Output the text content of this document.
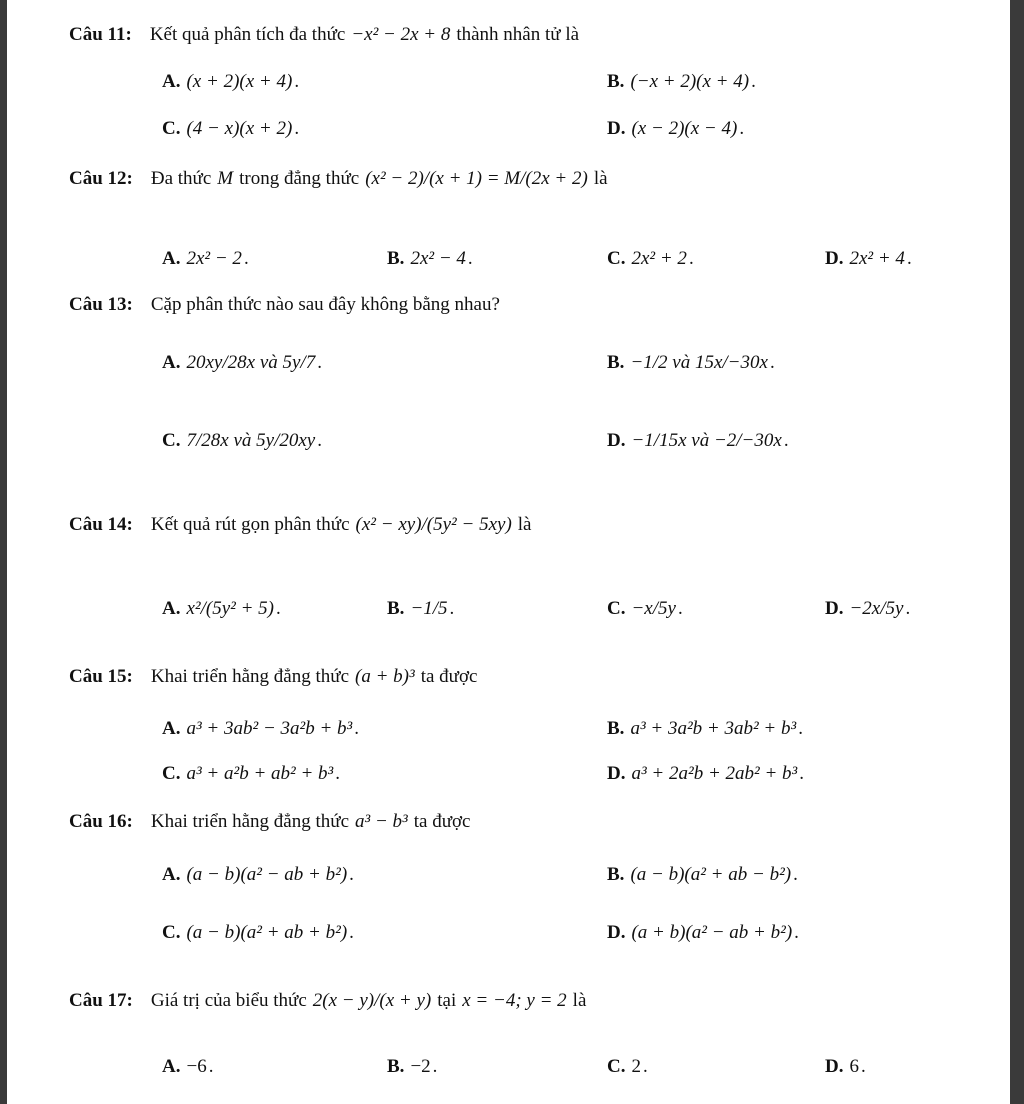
Câu 11: Kết quả phân tích đa thức −x² − 2x + 8 thành nhân tử là
A. (x + 2)(x + 4) .	B. (−x + 2)(x + 4) .
C. (4 − x)(x + 2) .	D. (x − 2)(x − 4) .
Câu 12: Đa thức M trong đẳng thức (x² − 2)/(x + 1) = M/(2x + 2) là
A. 2x² − 2 .	B. 2x² − 4 .	C. 2x² + 2 .	D. 2x² + 4 .
Câu 13: Cặp phân thức nào sau đây không bằng nhau?
A. 20xy/28x và 5y/7 .	B. −1/2 và 15x/−30x .
C. 7/28x và 5y/20xy .	D. −1/15x và −2/−30x .
Câu 14: Kết quả rút gọn phân thức (x² − xy)/(5y² − 5xy) là
A. x²/(5y² + 5) .	B. −1/5 .	C. −x/5y .	D. −2x/5y .
Câu 15: Khai triển hằng đẳng thức (a + b)³ ta được
A. a³ + 3ab² − 3a²b + b³ .	B. a³ + 3a²b + 3ab² + b³ .
C. a³ + a²b + ab² + b³ .	D. a³ + 2a²b + 2ab² + b³ .
Câu 16: Khai triển hằng đẳng thức a³ − b³ ta được
A. (a − b)(a² − ab + b²) .	B. (a − b)(a² + ab − b²) .
C. (a − b)(a² + ab + b²) .	D. (a + b)(a² − ab + b²) .
Câu 17: Giá trị của biểu thức 2(x − y)/(x + y) tại x = −4; y = 2 là
A. −6 .	B. −2 .	C. 2 .	D. 6 .
